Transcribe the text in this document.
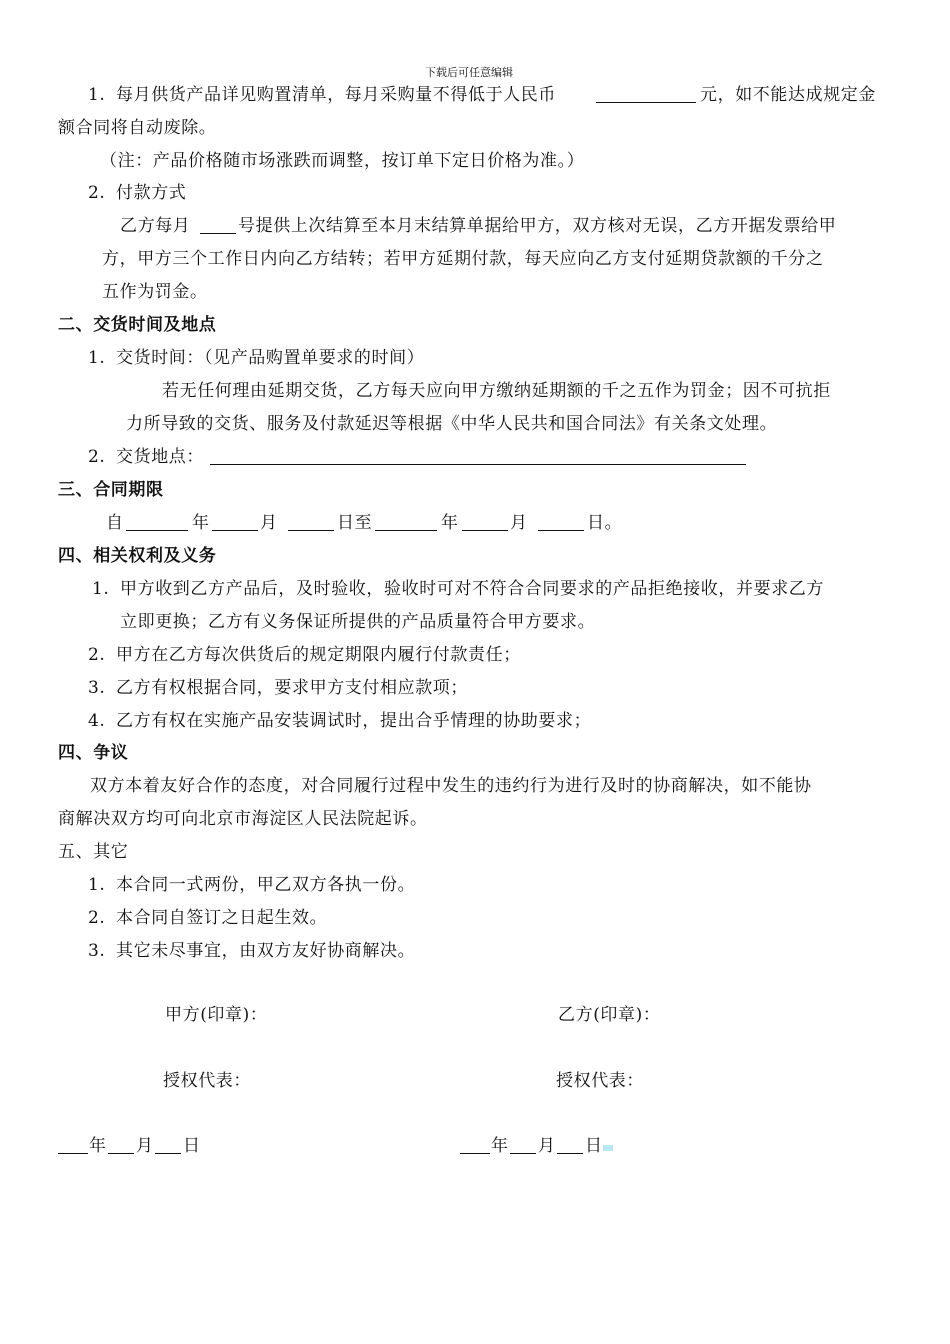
下载后可任意编辑
1. 每月供货产品详见购置清单，每月采购量不得低于人民币	元，如不能达成规定金
额合同将自动废除。
（注：产品价格随市场涨跌而调整，按订单下定日价格为准。）
2. 付款方式
乙方每月	号提供上次结算至本月末结算单据给甲方，双方核对无误，乙方开据发票给甲
方，甲方三个工作日内向乙方结转；若甲方延期付款，每天应向乙方支付延期贷款额的千分之
五作为罚金。
二、交货时间及地点
1. 交货时间：（见产品购置单要求的时间）
若无任何理由延期交货，乙方每天应向甲方缴纳延期额的千之五作为罚金；因不可抗拒
力所导致的交货、服务及付款延迟等根据《中华人民共和国合同法》有关条文处理。
2. 交货地点：
三、合同期限
自	年	月	日至	年	月	日。
四、相关权利及义务
1. 甲方收到乙方产品后，及时验收，验收时可对不符合合同要求的产品拒绝接收，并要求乙方
立即更换；乙方有义务保证所提供的产品质量符合甲方要求。
2. 甲方在乙方每次供货后的规定期限内履行付款责任；
3. 乙方有权根据合同，要求甲方支付相应款项；
4. 乙方有权在实施产品安装调试时，提出合乎情理的协助要求；
四、争议
双方本着友好合作的态度，对合同履行过程中发生的违约行为进行及时的协商解决，如不能协
商解决双方均可向北京市海淀区人民法院起诉。
五、其它
1. 本合同一式两份，甲乙双方各执一份。
2. 本合同自签订之日起生效。
3. 其它未尽事宜，由双方友好协商解决。
甲方(印章)：	乙方(印章)：
授权代表：	授权代表：
年 月 日	年 月 日
